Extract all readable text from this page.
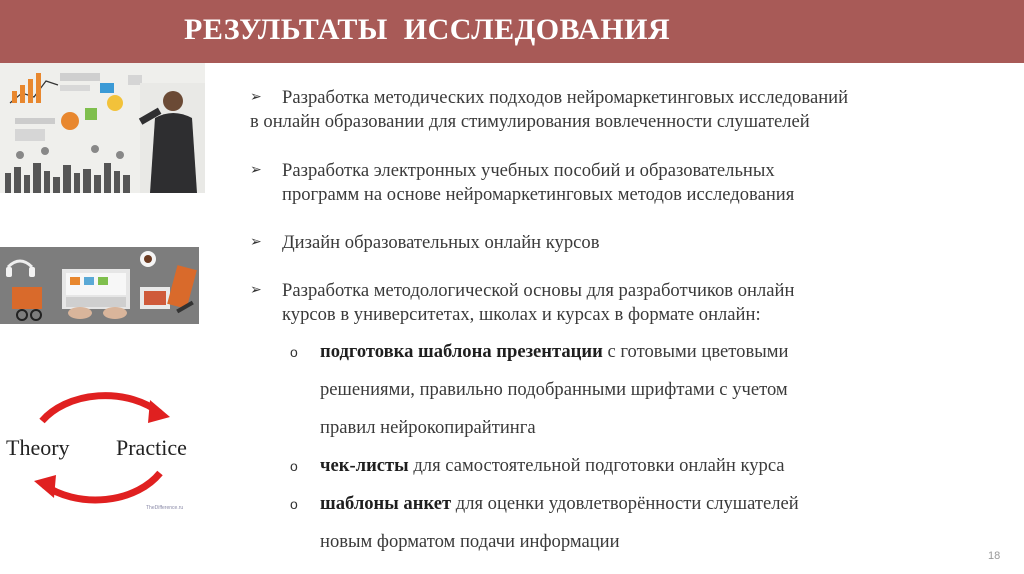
РЕЗУЛЬТАТЫ  ИССЛЕДОВАНИЯ
Theory Practice
TheDifference.ru
➢	Разработка методических подходов нейромаркетинговых исследований
в онлайн образовании для стимулирования вовлеченности слушателей
➢	Разработка электронных учебных пособий и образовательных
программ на основе нейромаркетинговых методов исследования
➢	Дизайн образовательных онлайн курсов
➢	Разработка методологической основы для разработчиков онлайн
курсов в университетах, школах и курсах в формате онлайн:
o подготовка шаблона презентации с готовыми цветовыми
решениями, правильно подобранными шрифтами с учетом
правил нейрокопирайтинга
o чек-листы для самостоятельной подготовки онлайн курса
o шаблоны анкет для оценки удовлетворённости слушателей
новым форматом подачи информации
18
